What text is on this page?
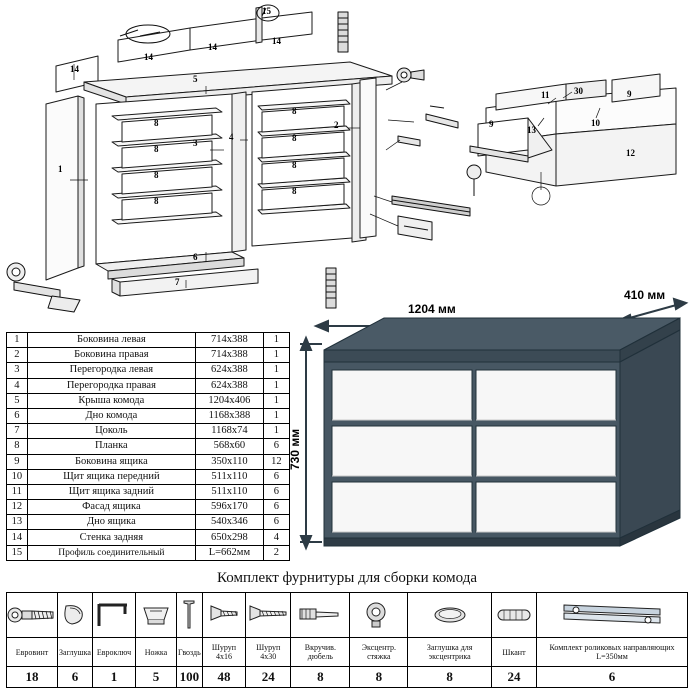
1
2
3
4
5
6
7
8
8
8
8
8
8
8
8
9
9
10
11
12
13
14
14
14
14
15
30
1	Боковина левая	714х388	1
2	Боковина правая	714х388	1
3	Перегородка левая	624х388	1
4	Перегородка правая	624х388	1
5	Крыша комода	1204х406	1
6	Дно комода	1168х388	1
7	Цоколь	1168х74	1
8	Планка	568х60	6
9	Боковина ящика	350х110	12
10	Щит ящика передний	511х110	6
11	Щит ящика задний	511х110	6
12	Фасад ящика	596х170	6
13	Дно ящика	540х346	6
14	Стенка задняя	650х298	4
15	Профиль соединительный	L=662мм	2
1204 мм
410 мм
730 мм
Комплект фурнитуры для сборки комода

Еврoвинт	Заглушка	Еврoключ	Ножка	Гвоздь	Шуруп 4х16	Шуруп 4х30	Вкручив. дюбель	Эксцентр. стяжка	Заглушка для эксцентрика	Шкант	Комплект роликовых направляющих L=350мм
18	6	1	5	100	48	24	8	8	8	24	6
